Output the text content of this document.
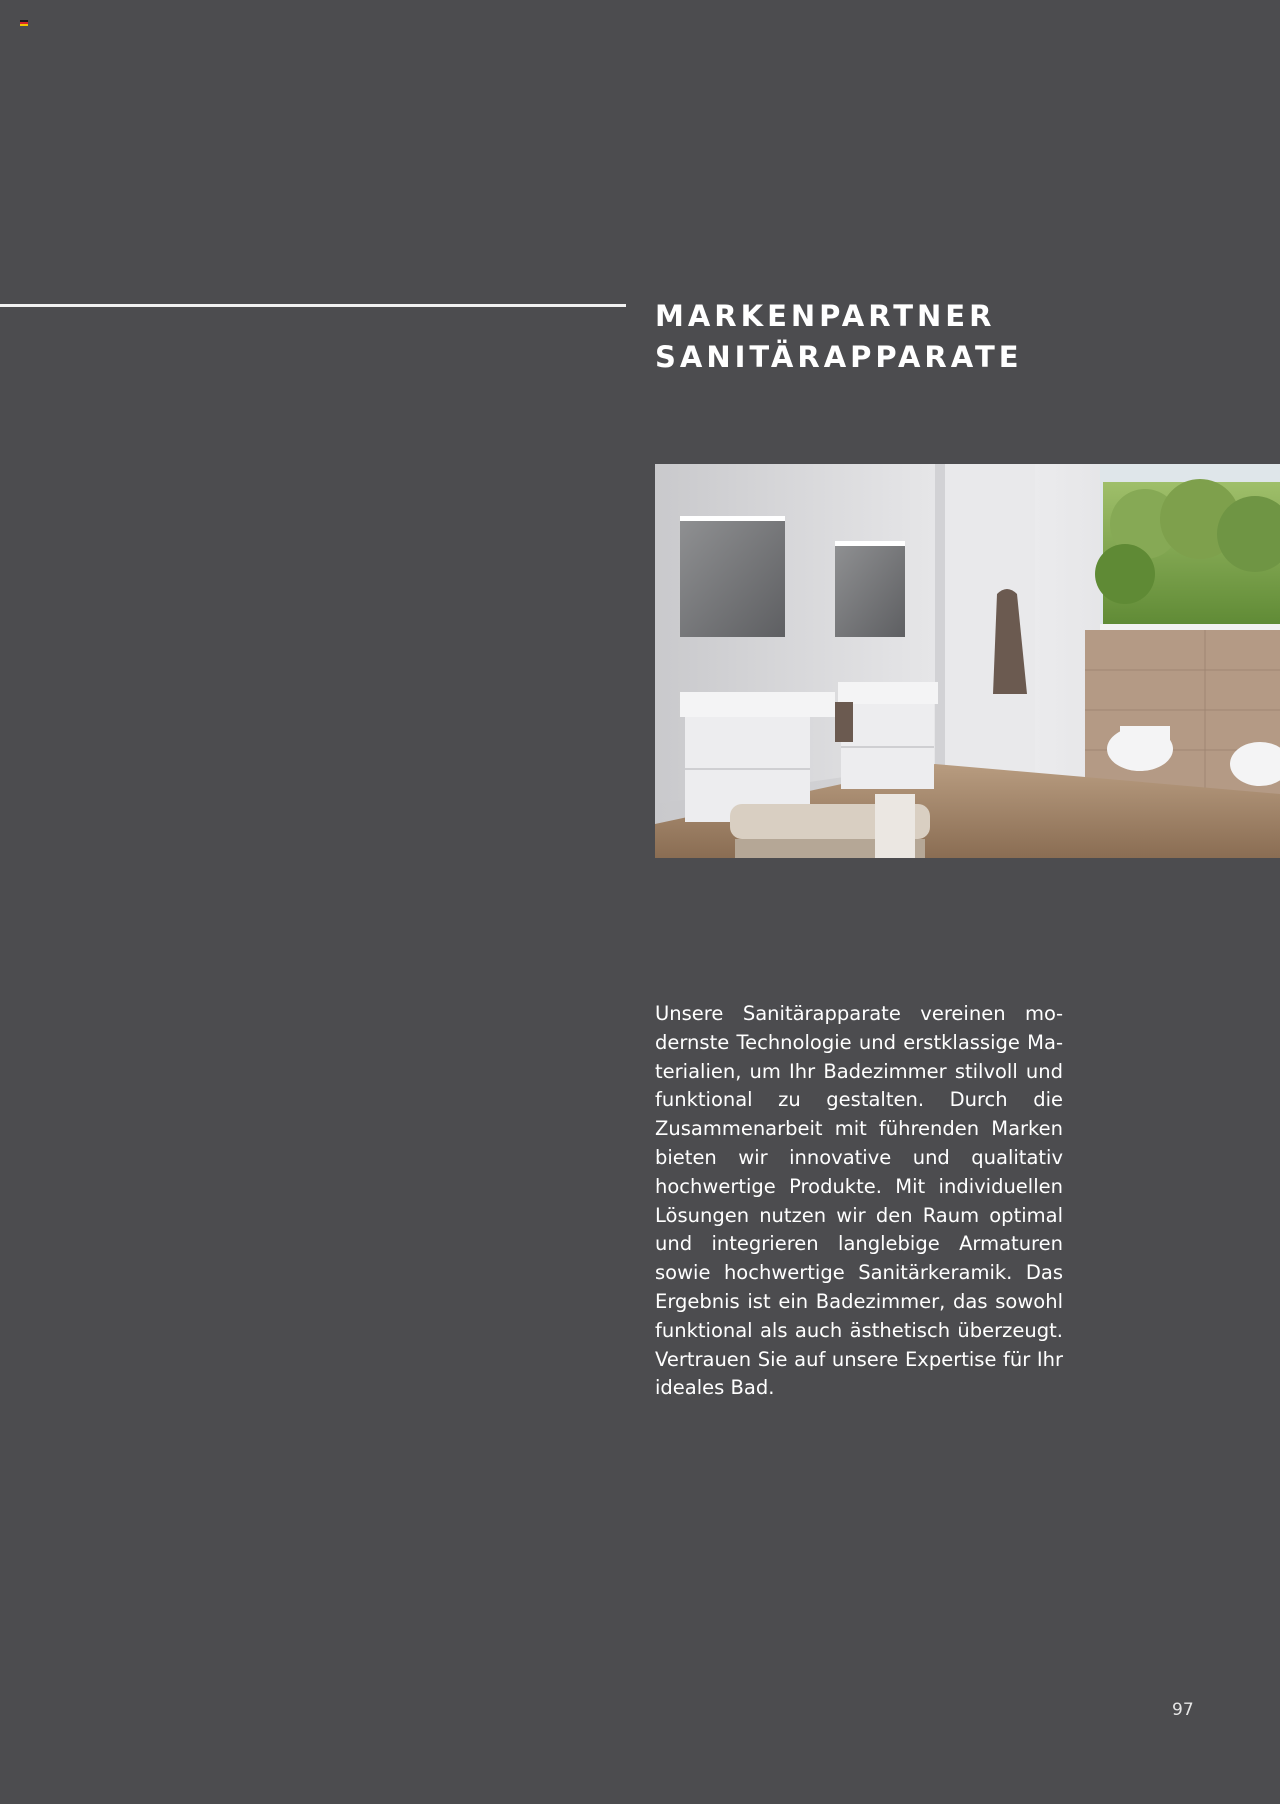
MARKENPARTNER
SANITÄRAPPARATE

Unsere Sanitärapparate vereinen modernste Technologie und erstklassige Materialien, um Ihr Badezimmer stilvoll und funktional zu gestalten. Durch die Zusammenarbeit mit führenden Marken bieten wir innovative und qualitativ hochwertige Produkte. Mit individuellen Lösungen nutzen wir den Raum optimal und integrieren langlebige Armaturen sowie hochwertige Sanitärkeramik. Das Ergebnis ist ein Badezimmer, das sowohl funktional als auch ästhetisch überzeugt. Vertrauen Sie auf unsere Expertise für Ihr ideales Bad.

97
